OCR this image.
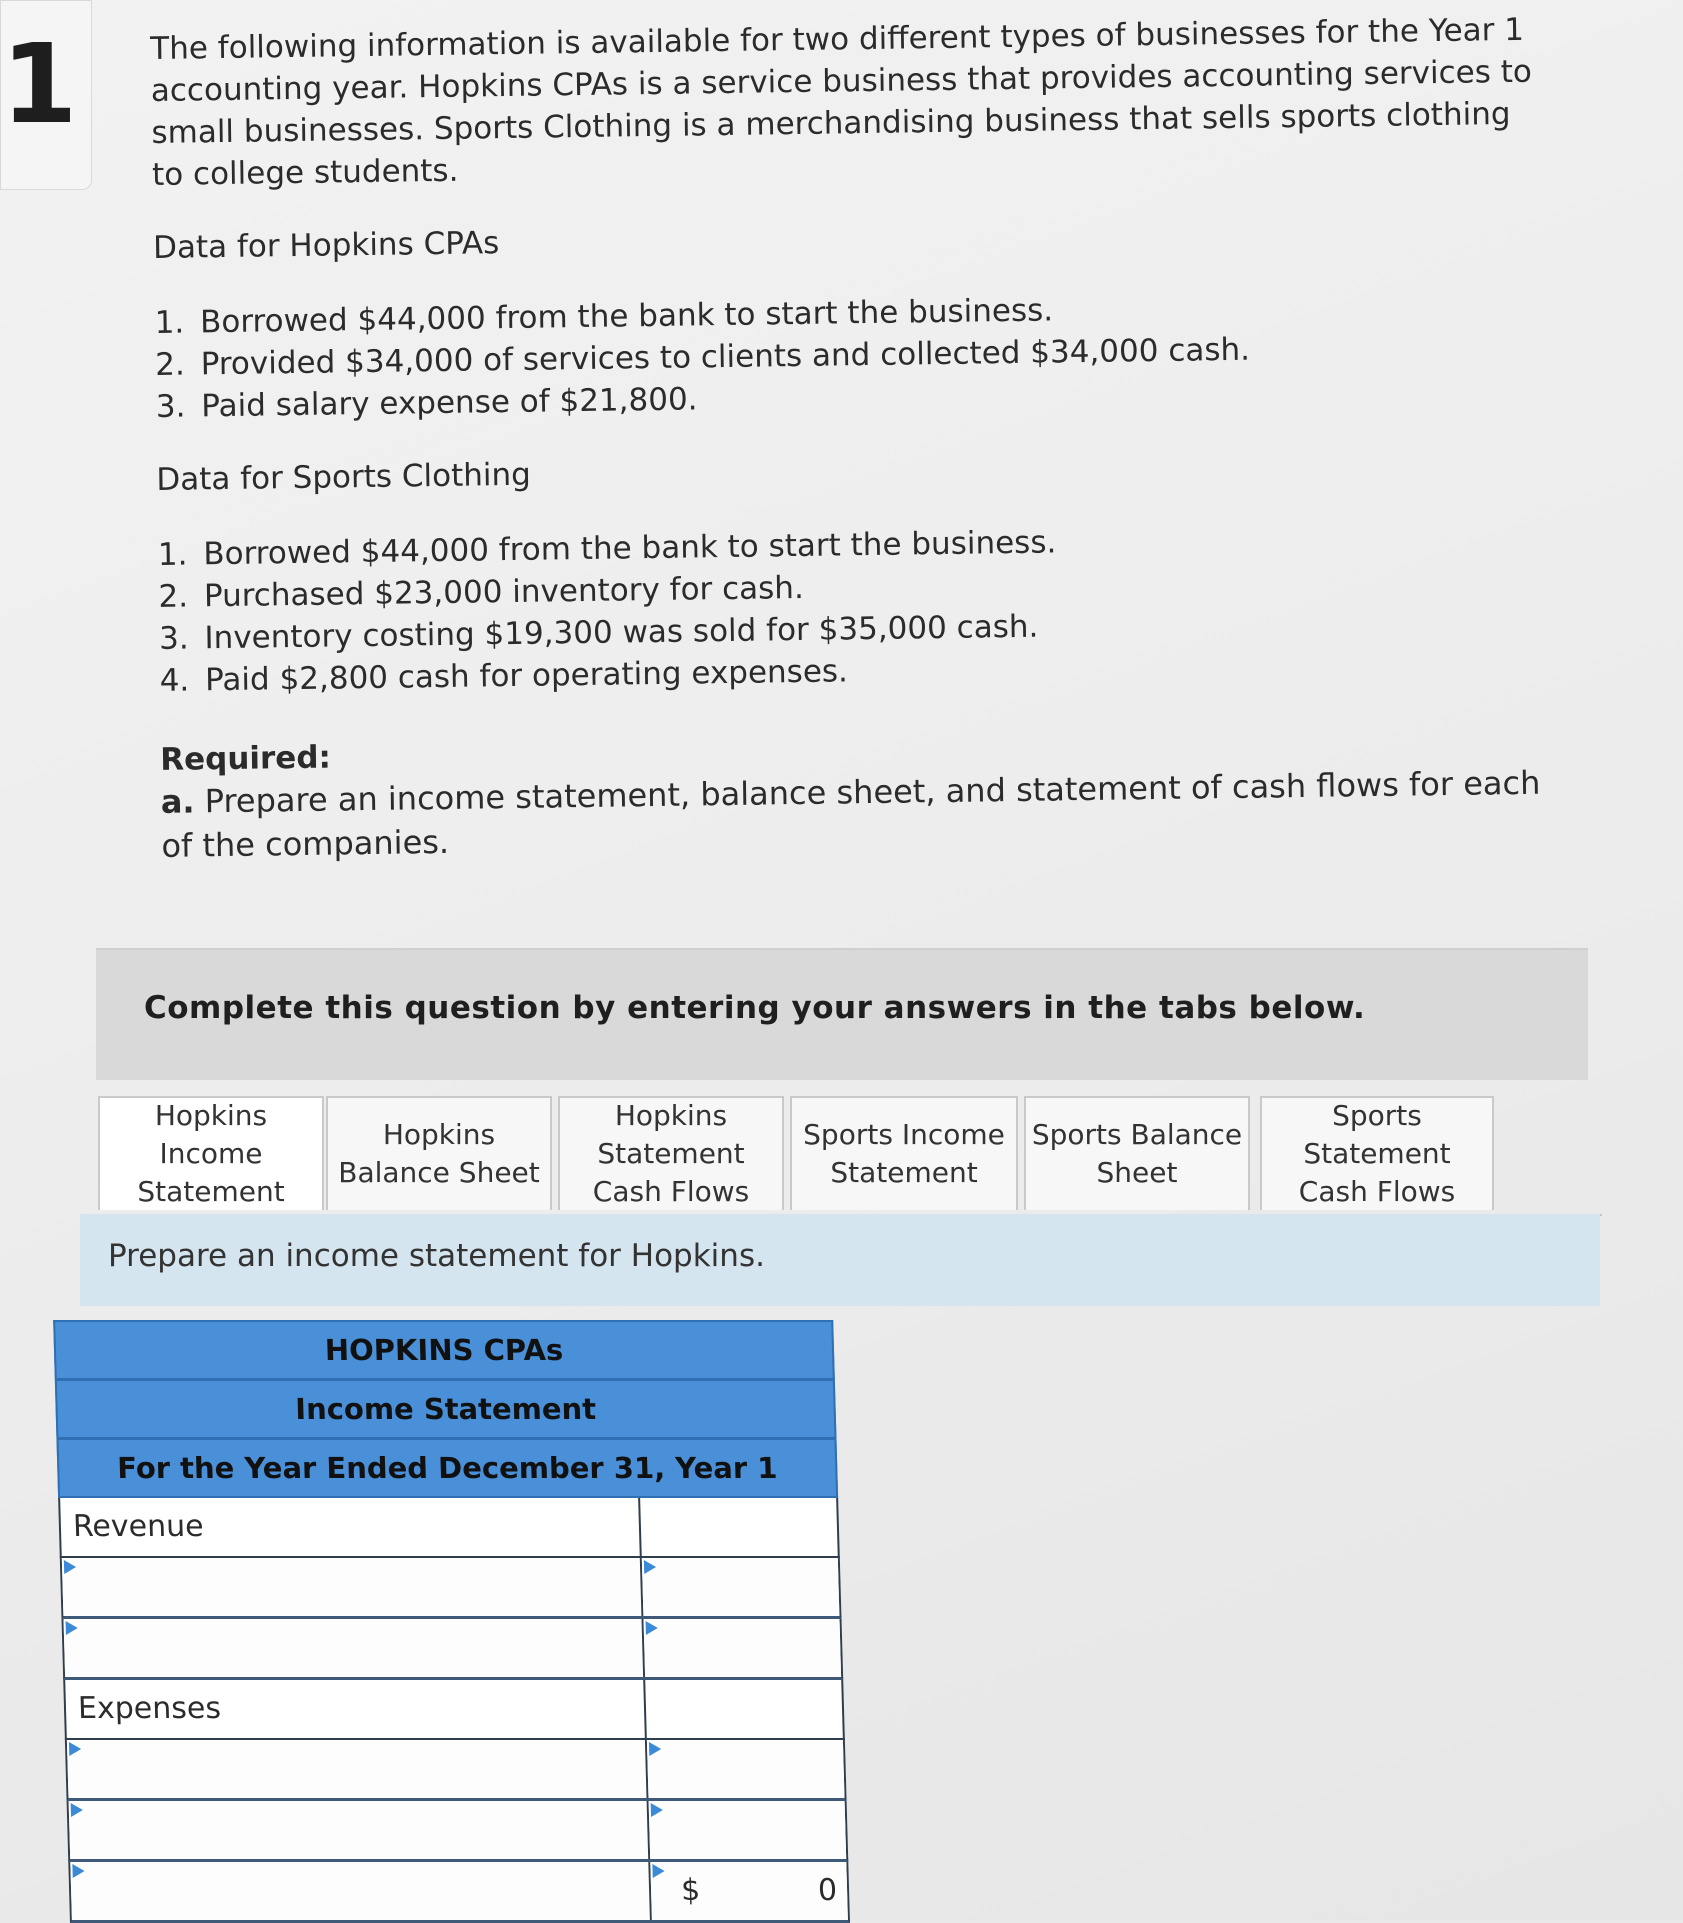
1 The following information is available for two different types of businesses for the Year 1 accounting year. Hopkins CPAs is a service business that provides accounting services to small businesses. Sports Clothing is a merchandising business that sells sports clothing to college students.

Data for Hopkins CPAs
1. Borrowed $44,000 from the bank to start the business.
2. Provided $34,000 of services to clients and collected $34,000 cash.
3. Paid salary expense of $21,800.
Data for Sports Clothing
1. Borrowed $44,000 from the bank to start the business.
2. Purchased $23,000 inventory for cash.
3. Inventory costing $19,300 was sold for $35,000 cash.
4. Paid $2,800 cash for operating expenses.
Required:

a. Prepare an income statement, balance sheet, and statement of cash flows for each of the companies.

Complete this question by entering your answers in the tabs below.
Hopkins
Income
Statement
Hopkins
Balance Sheet
Hopkins
Statement
Cash Flows
Sports Income
Statement
Sports Balance
Sheet
Sports
Statement
Cash Flows
Prepare an income statement for Hopkins.
HOPKINS CPAs
Income Statement
For the Year Ended December 31, Year 1
Revenue
Expenses
$	0
